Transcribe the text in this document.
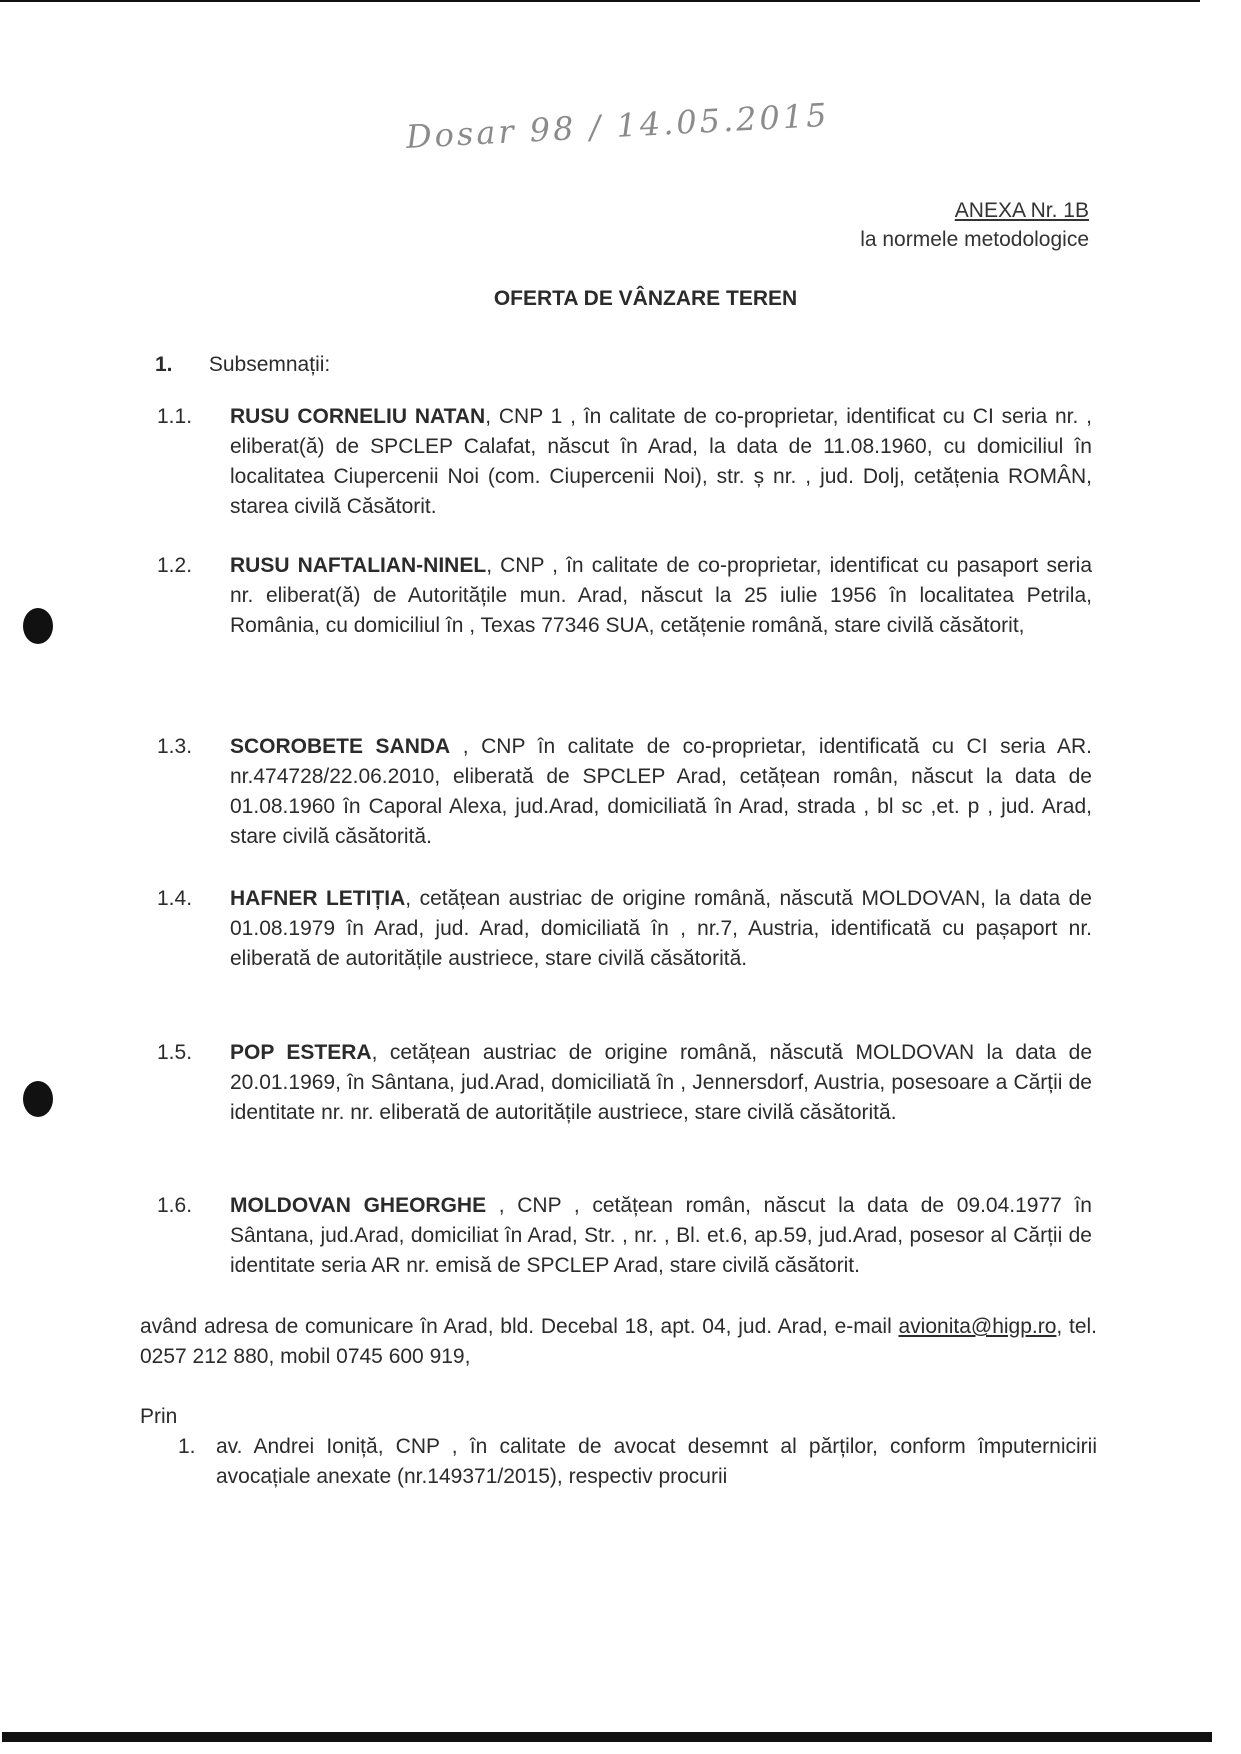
Dosar 98 / 14.05.2015
ANEXA Nr. 1B
la normele metodologice
OFERTA DE VÂNZARE TEREN
1. Subsemnații:
1.1. RUSU CORNELIU NATAN, CNP 1 , în calitate de co-proprietar, identificat cu CI seria nr. , eliberat(ă) de SPCLEP Calafat, născut în Arad, la data de 11.08.1960, cu domiciliul în localitatea Ciupercenii Noi (com. Ciupercenii Noi), str. ș nr. , jud. Dolj, cetățenia ROMÂN, starea civilă Căsătorit.
1.2. RUSU NAFTALIAN-NINEL, CNP , în calitate de co-proprietar, identificat cu pasaport seria nr. eliberat(ă) de Autoritățile mun. Arad, născut la 25 iulie 1956 în localitatea Petrila, România, cu domiciliul în , Texas 77346 SUA, cetățenie română, stare civilă căsătorit,
1.3. SCOROBETE SANDA , CNP în calitate de co-proprietar, identificată cu CI seria AR. nr.474728/22.06.2010, eliberată de SPCLEP Arad, cetățean român, născut la data de 01.08.1960 în Caporal Alexa, jud.Arad, domiciliată în Arad, strada , bl sc ,et. p , jud. Arad, stare civilă căsătorită.
1.4. HAFNER LETIȚIA, cetățean austriac de origine română, născută MOLDOVAN, la data de 01.08.1979 în Arad, jud. Arad, domiciliată în , nr.7, Austria, identificată cu pașaport nr. eliberată de autoritățile austriece, stare civilă căsătorită.
1.5. POP ESTERA, cetățean austriac de origine română, născută MOLDOVAN la data de 20.01.1969, în Sântana, jud.Arad, domiciliată în , Jennersdorf, Austria, posesoare a Cărții de identitate nr. nr. eliberată de autoritățile austriece, stare civilă căsătorită.
1.6. MOLDOVAN GHEORGHE , CNP , cetățean român, născut la data de 09.04.1977 în Sântana, jud.Arad, domiciliat în Arad, Str. , nr. , Bl. et.6, ap.59, jud.Arad, posesor al Cărții de identitate seria AR nr. emisă de SPCLEP Arad, stare civilă căsătorit.
având adresa de comunicare în Arad, bld. Decebal 18, apt. 04, jud. Arad, e-mail avionita@higp.ro, tel. 0257 212 880, mobil 0745 600 919,
Prin
1. av. Andrei Ioniță, CNP , în calitate de avocat desemnt al părților, conform împuternicirii avocațiale anexate (nr.149371/2015), respectiv procurii
